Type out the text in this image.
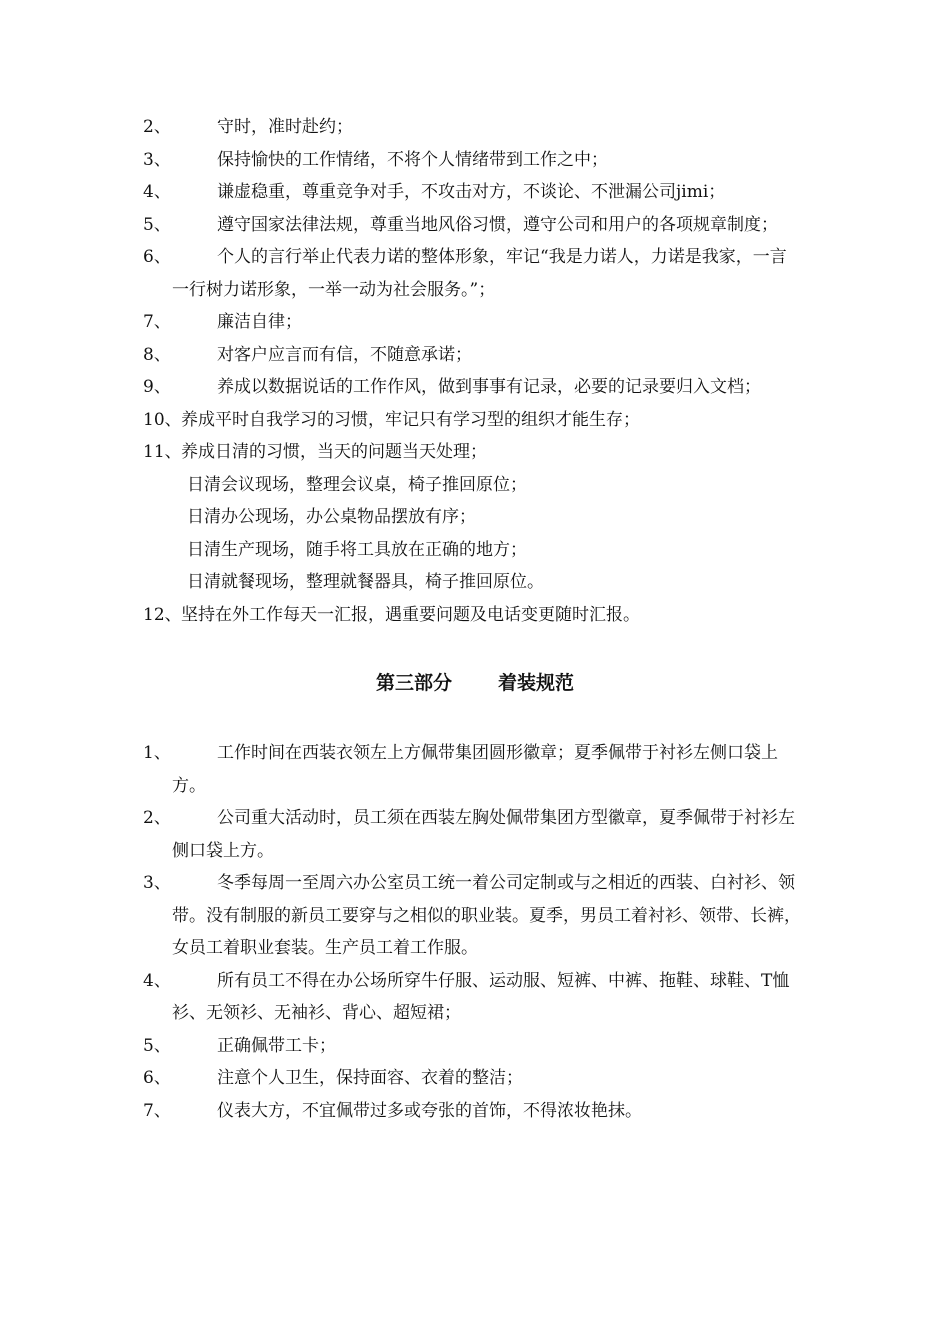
2、	守时，准时赴约；
3、	保持愉快的工作情绪，不将个人情绪带到工作之中；
4、	谦虚稳重，尊重竞争对手，不攻击对方，不谈论、不泄漏公司jimi；
5、	遵守国家法律法规，尊重当地风俗习惯，遵守公司和用户的各项规章制度；
6、	个人的言行举止代表力诺的整体形象，牢记“我是力诺人，力诺是我家，一言一行树力诺形象，一举一动为社会服务。”；
7、	廉洁自律；
8、	对客户应言而有信，不随意承诺；
9、	养成以数据说话的工作作风，做到事事有记录，必要的记录要归入文档；
10、 养成平时自我学习的习惯，牢记只有学习型的组织才能生存；
11、 养成日清的习惯，当天的问题当天处理；
日清会议现场，整理会议桌，椅子推回原位；
日清办公现场，办公桌物品摆放有序；
日清生产现场，随手将工具放在正确的地方；
日清就餐现场，整理就餐器具，椅子推回原位。
12、 坚持在外工作每天一汇报，遇重要问题及电话变更随时汇报。
第三部分 着装规范
1、	工作时间在西装衣领左上方佩带集团圆形徽章；夏季佩带于衬衫左侧口袋上方。
2、	公司重大活动时，员工须在西装左胸处佩带集团方型徽章，夏季佩带于衬衫左侧口袋上方。
3、	冬季每周一至周六办公室员工统一着公司定制或与之相近的西装、白衬衫、领带。没有制服的新员工要穿与之相似的职业装。夏季，男员工着衬衫、领带、长裤，女员工着职业套装。生产员工着工作服。
4、	所有员工不得在办公场所穿牛仔服、运动服、短裤、中裤、拖鞋、球鞋、T恤衫、无领衫、无袖衫、背心、超短裙；
5、	正确佩带工卡；
6、	注意个人卫生，保持面容、衣着的整洁；
7、	仪表大方，不宜佩带过多或夸张的首饰，不得浓妆艳抹。
